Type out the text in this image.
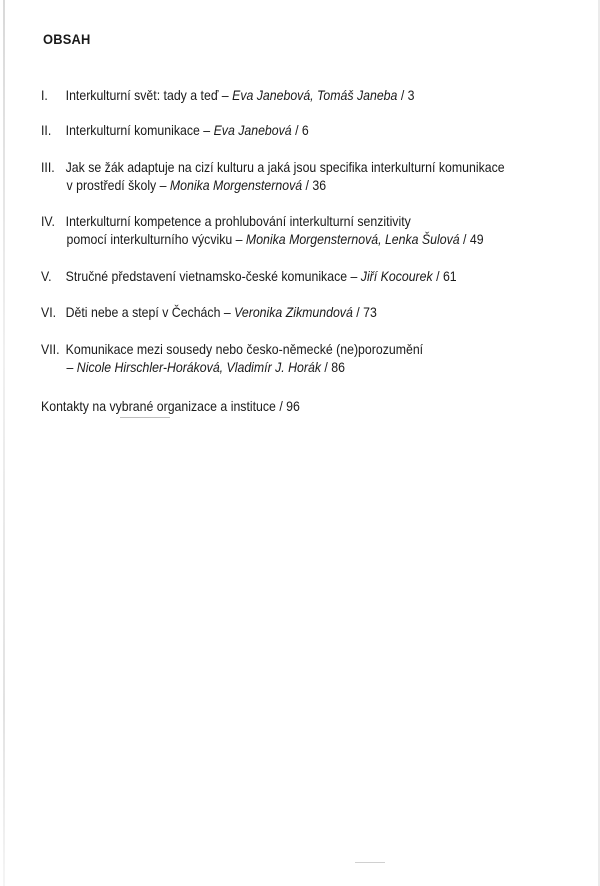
OBSAH
I. Interkulturní svět: tady a teď – Eva Janebová, Tomáš Janeba / 3
II. Interkulturní komunikace – Eva Janebová / 6
III. Jak se žák adaptuje na cizí kulturu a jaká jsou specifika interkulturní komunikace
v prostředí školy – Monika Morgensternová / 36
IV. Interkulturní kompetence a prohlubování interkulturní senzitivity
pomocí interkulturního výcviku – Monika Morgensternová, Lenka Šulová / 49
V. Stručné představení vietnamsko-české komunikace – Jiří Kocourek / 61
VI. Děti nebe a stepí v Čechách – Veronika Zikmundová / 73
VII. Komunikace mezi sousedy nebo česko-německé (ne)porozumění
– Nicole Hirschler-Horáková, Vladimír J. Horák / 86
Kontakty na vybrané organizace a instituce / 96
